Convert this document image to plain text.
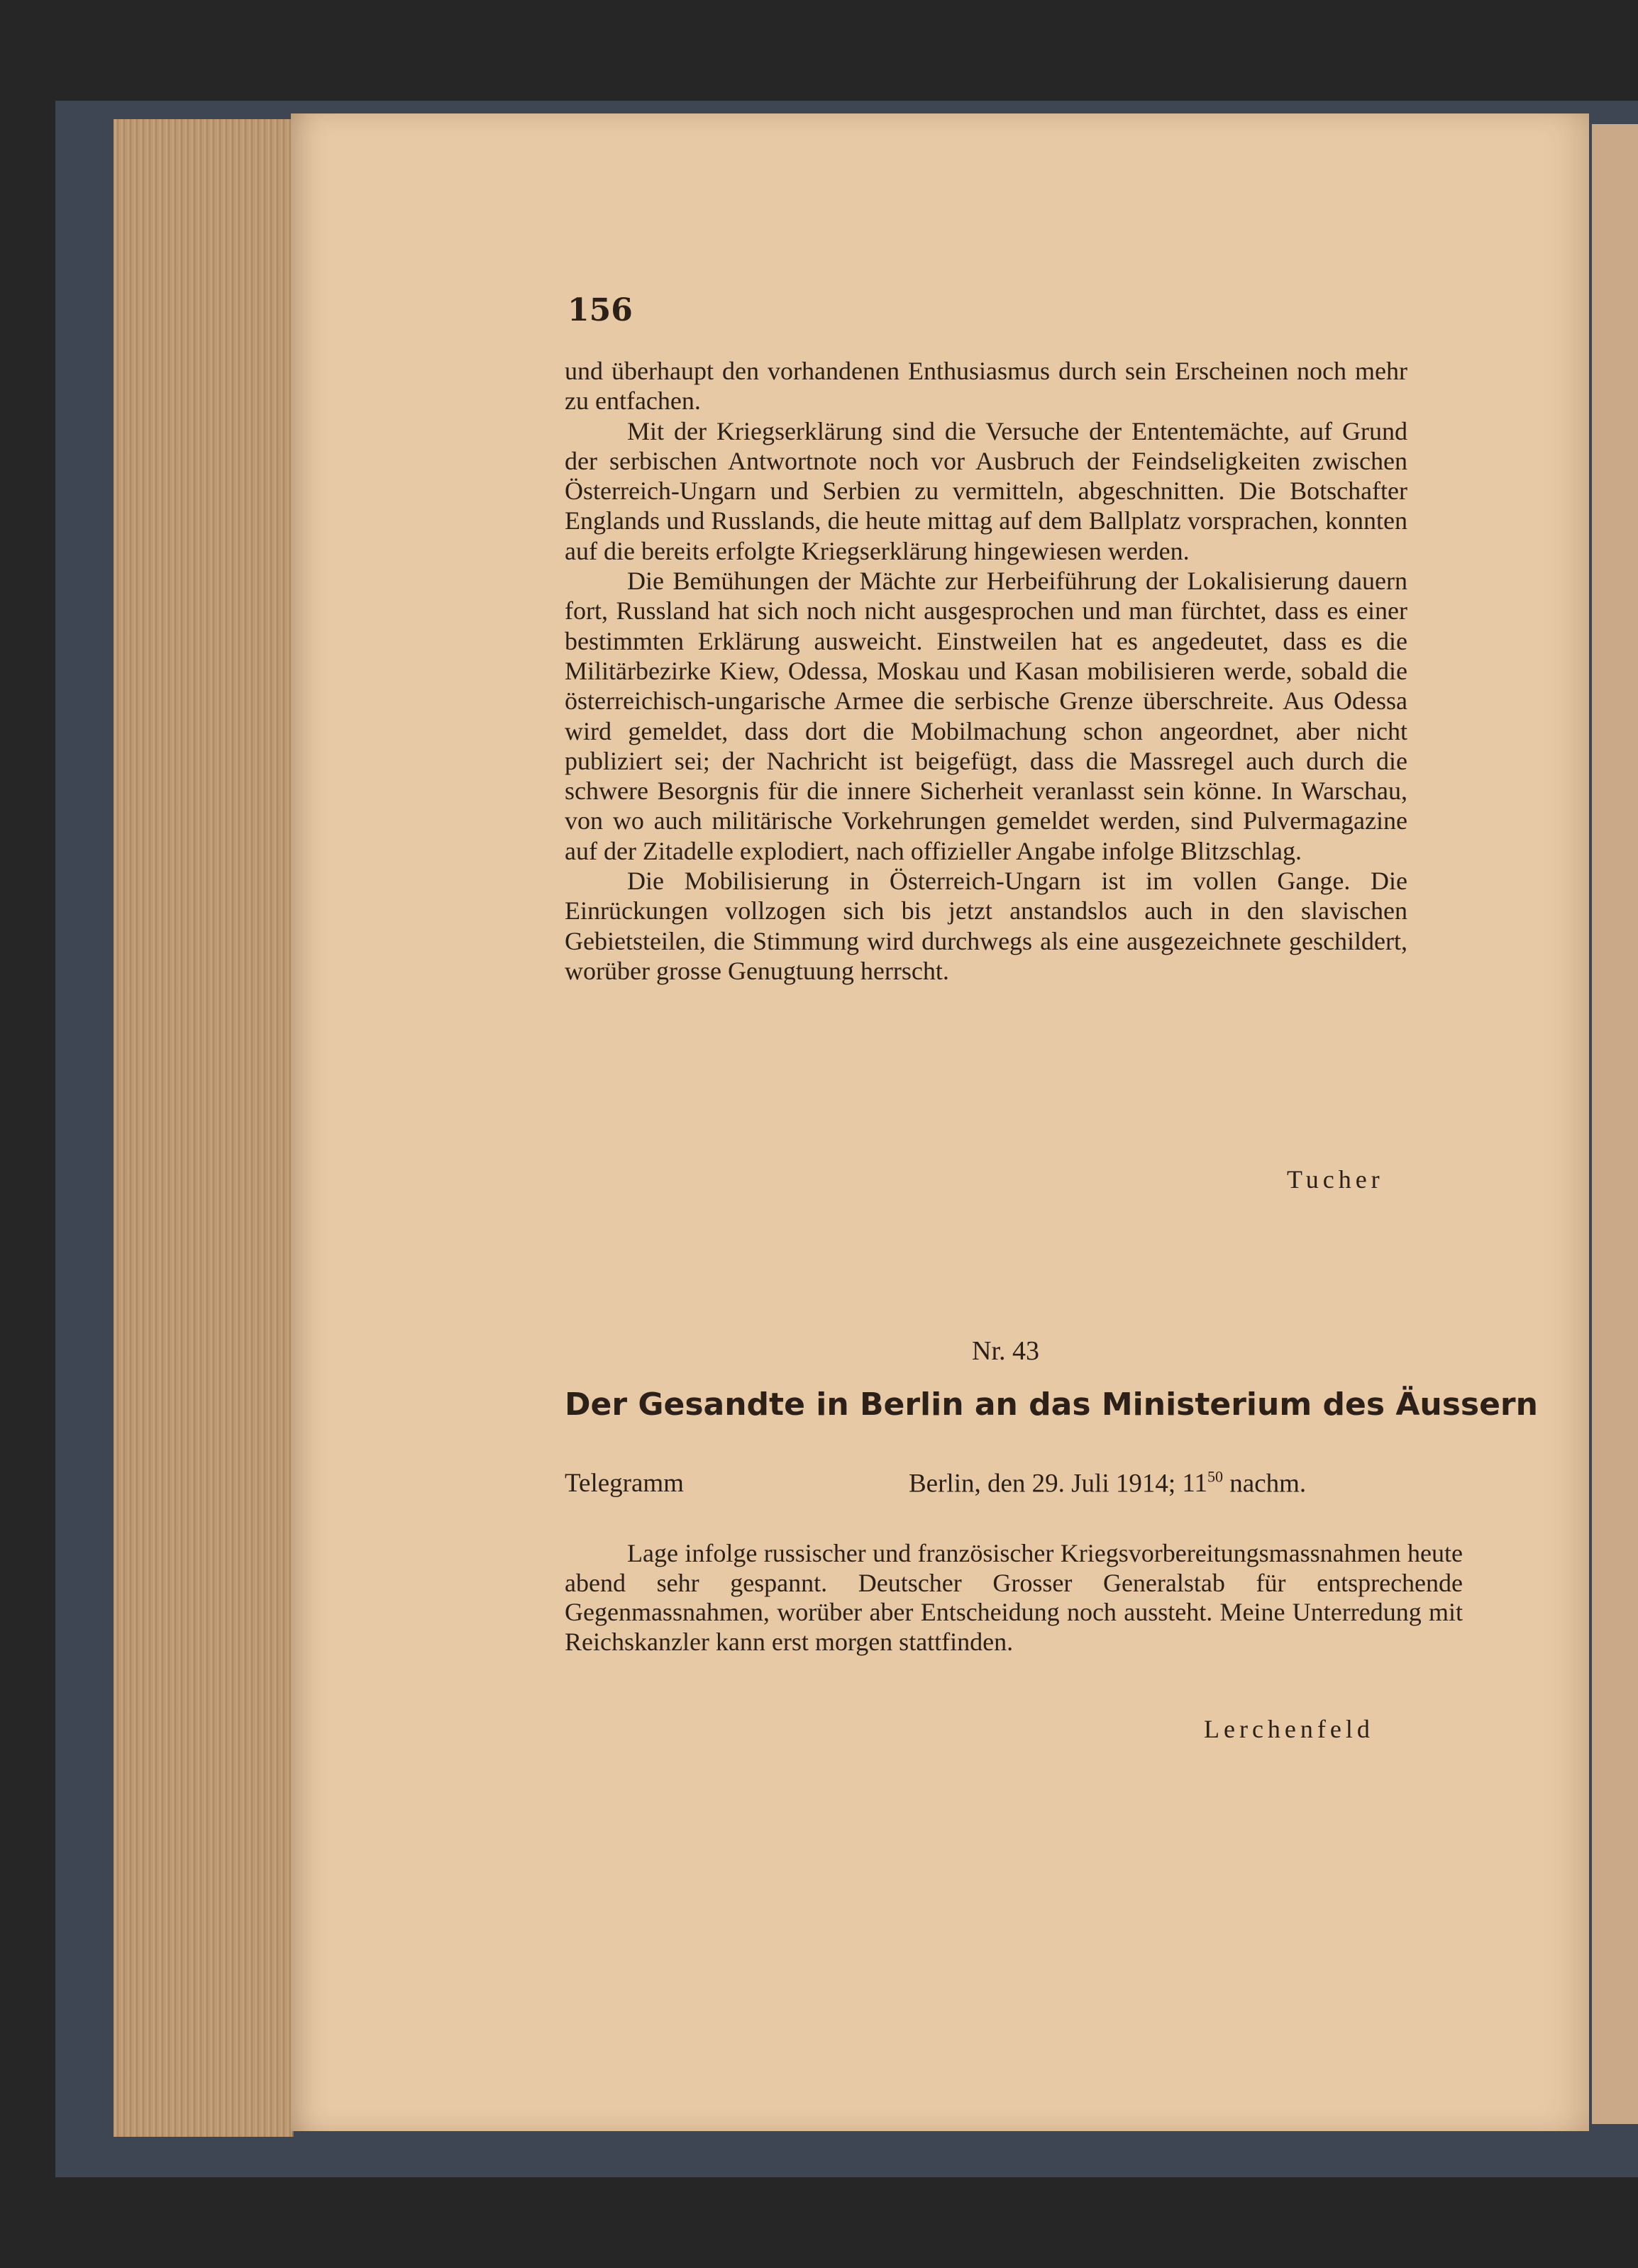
156

und überhaupt den vorhandenen Enthusiasmus durch sein Erscheinen noch mehr zu entfachen.

Mit der Kriegserklärung sind die Versuche der Ententemächte, auf Grund der serbischen Antwortnote noch vor Ausbruch der Feindseligkeiten zwischen Österreich-Ungarn und Serbien zu vermitteln, abgeschnitten. Die Botschafter Englands und Russlands, die heute mittag auf dem Ballplatz vorsprachen, konnten auf die bereits erfolgte Kriegserklärung hingewiesen werden.

Die Bemühungen der Mächte zur Herbeiführung der Lokalisierung dauern fort, Russland hat sich noch nicht ausgesprochen und man fürchtet, dass es einer bestimmten Erklärung ausweicht. Einstweilen hat es angedeutet, dass es die Militärbezirke Kiew, Odessa, Moskau und Kasan mobilisieren werde, sobald die österreichisch-ungarische Armee die serbische Grenze überschreite. Aus Odessa wird gemeldet, dass dort die Mobilmachung schon angeordnet, aber nicht publiziert sei; der Nachricht ist beigefügt, dass die Massregel auch durch die schwere Besorgnis für die innere Sicherheit veranlasst sein könne. In Warschau, von wo auch militärische Vorkehrungen gemeldet werden, sind Pulvermagazine auf der Zitadelle explodiert, nach offizieller Angabe infolge Blitzschlag.

Die Mobilisierung in Österreich-Ungarn ist im vollen Gange. Die Einrückungen vollzogen sich bis jetzt anstandslos auch in den slavischen Gebietsteilen, die Stimmung wird durchwegs als eine ausgezeichnete geschildert, worüber grosse Genugtuung herrscht.

Tucher
Nr. 43
Der Gesandte in Berlin an das Ministerium des Äussern
Telegramm	Berlin, den 29. Juli 1914; $11^{50}$ nachm.

Lage infolge russischer und französischer Kriegsvorbereitungsmassnahmen heute abend sehr gespannt. Deutscher Grosser Generalstab für entsprechende Gegenmassnahmen, worüber aber Entscheidung noch aussteht. Meine Unterredung mit Reichskanzler kann erst morgen stattfinden.

Lerchenfeld
